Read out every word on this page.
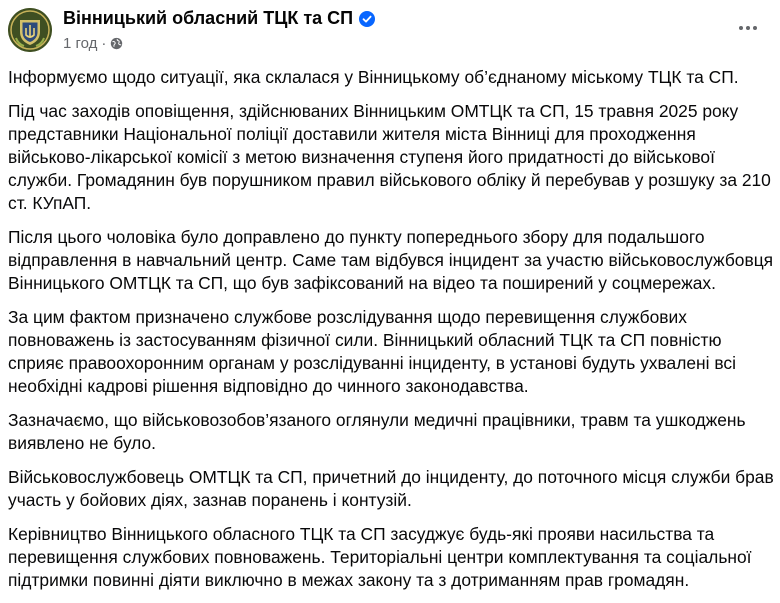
Вінницький обласний ТЦК та СП
1 год ·

Інформуємо щодо ситуації, яка склалася у Вінницькому об’єднаному міському ТЦК та СП.

Під час заходів оповіщення, здійснюваних Вінницьким ОМТЦК та СП, 15 травня 2025 року представники Національної поліції доставили жителя міста Вінниці для проходження військово-лікарської комісії з метою визначення ступеня його придатності до військової служби. Громадянин був порушником правил військового обліку й перебував у розшуку за 210 ст. КУпАП.

Після цього чоловіка було доправлено до пункту попереднього збору для подальшого відправлення в навчальний центр. Саме там відбувся інцидент за участю військовослужбовця Вінницького ОМТЦК та СП, що був зафіксований на відео та поширений у соцмережах.

За цим фактом призначено службове розслідування щодо перевищення службових повноважень із застосуванням фізичної сили. Вінницький обласний ТЦК та СП повністю сприяє правоохоронним органам у розслідуванні інциденту, в установі будуть ухвалені всі необхідні кадрові рішення відповідно до чинного законодавства.

Зазначаємо, що військовозобов’язаного оглянули медичні працівники, травм та ушкоджень виявлено не було.

Військовослужбовець ОМТЦК та СП, причетний до інциденту, до поточного місця служби брав участь у бойових діях, зазнав поранень і контузій.

Керівництво Вінницького обласного ТЦК та СП засуджує будь-які прояви насильства та перевищення службових повноважень. Територіальні центри комплектування та соціальної підтримки повинні діяти виключно в межах закону та з дотриманням прав громадян.
